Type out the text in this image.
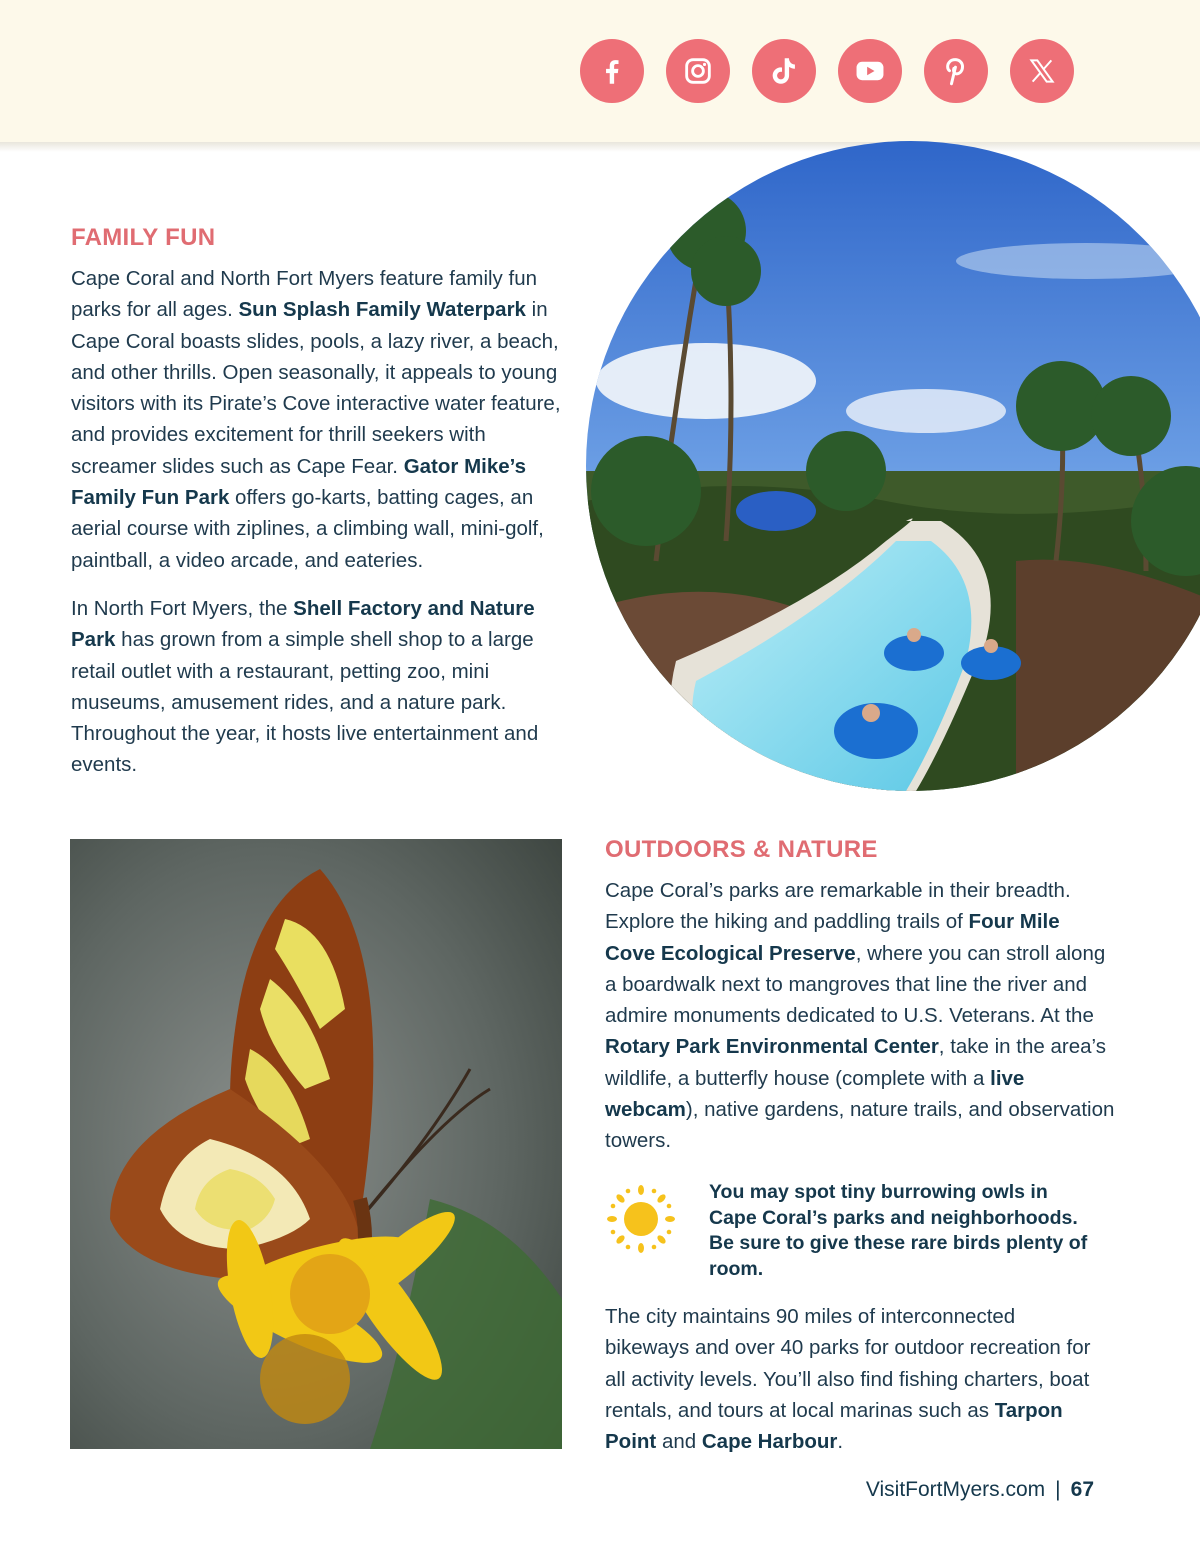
FAMILY FUN

Cape Coral and North Fort Myers feature family fun parks for all ages. Sun Splash Family Waterpark in Cape Coral boasts slides, pools, a lazy river, a beach, and other thrills. Open seasonally, it appeals to young visitors with its Pirate’s Cove interactive water feature, and provides excitement for thrill seekers with screamer slides such as Cape Fear. Gator Mike’s Family Fun Park offers go-karts, batting cages, an aerial course with ziplines, a climbing wall, mini-golf, paintball, a video arcade, and eateries.

In North Fort Myers, the Shell Factory and Nature Park has grown from a simple shell shop to a large retail outlet with a restaurant, petting zoo, mini museums, amusement rides, and a nature park. Throughout the year, it hosts live entertainment and events.

OUTDOORS & NATURE

Cape Coral’s parks are remarkable in their breadth. Explore the hiking and paddling trails of Four Mile Cove Ecological Preserve, where you can stroll along a boardwalk next to mangroves that line the river and admire monuments dedicated to U.S. Veterans. At the Rotary Park Environmental Center, take in the area’s wildlife, a butterfly house (complete with a live webcam), native gardens, nature trails, and observation towers.

You may spot tiny burrowing owls in Cape Coral’s parks and neighborhoods. Be sure to give these rare birds plenty of room.

The city maintains 90 miles of interconnected bikeways and over 40 parks for outdoor recreation for all activity levels. You’ll also find fishing charters, boat rentals, and tours at local marinas such as Tarpon Point and Cape Harbour.

VisitFortMyers.com | 67
